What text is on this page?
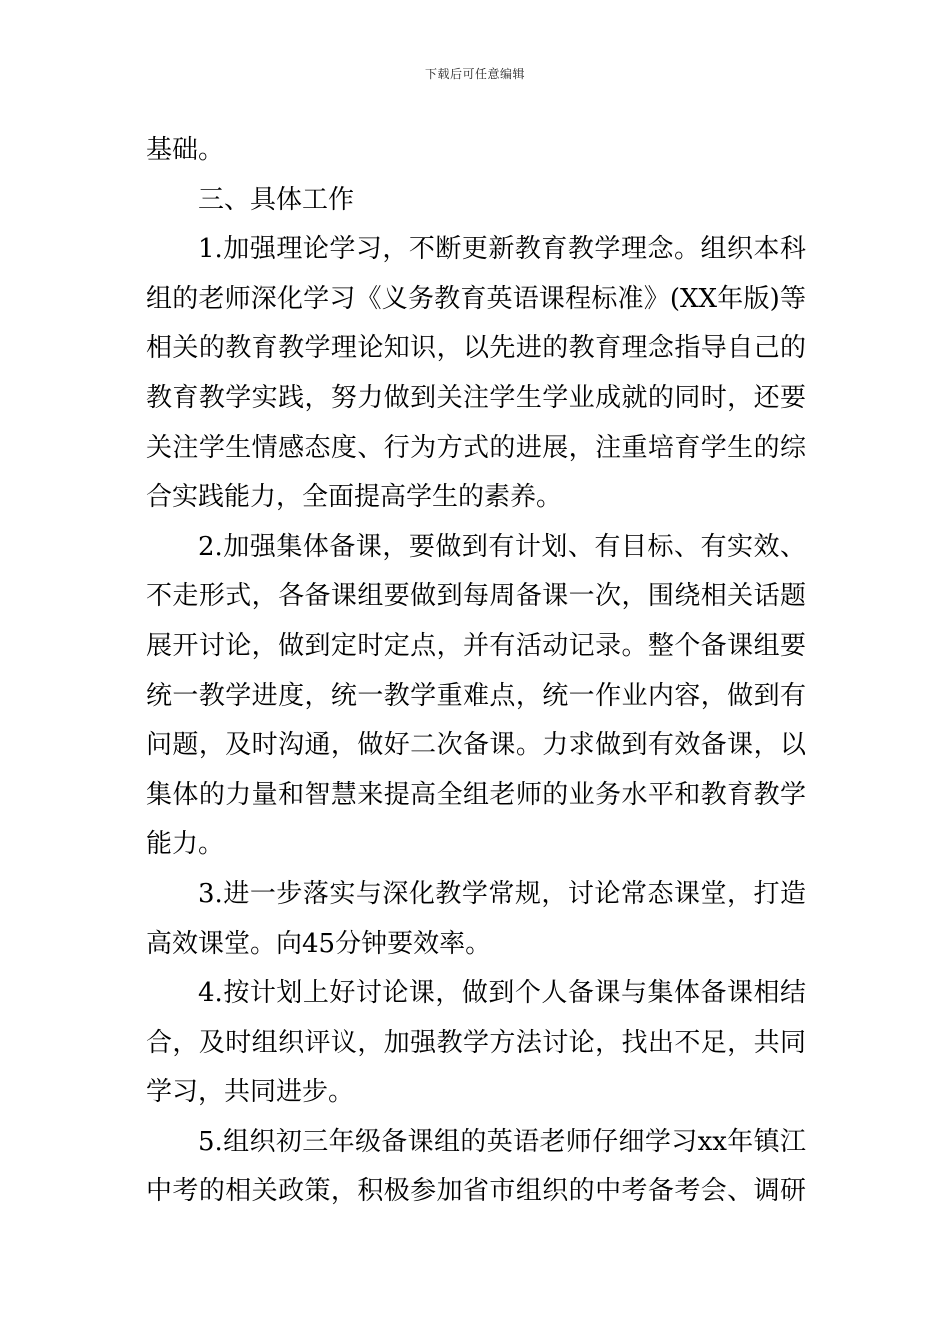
下载后可任意编辑
基础。
三、具体工作
1.加强理论学习，不断更新教育教学理念。组织本科
组的老师深化学习《义务教育英语课程标准》(XX年版)等
相关的教育教学理论知识，以先进的教育理念指导自己的
教育教学实践，努力做到关注学生学业成就的同时，还要
关注学生情感态度、行为方式的进展，注重培育学生的综
合实践能力，全面提高学生的素养。
2.加强集体备课，要做到有计划、有目标、有实效、
不走形式，各备课组要做到每周备课一次，围绕相关话题
展开讨论，做到定时定点，并有活动记录。整个备课组要
统一教学进度，统一教学重难点，统一作业内容，做到有
问题，及时沟通，做好二次备课。力求做到有效备课，以
集体的力量和智慧来提高全组老师的业务水平和教育教学
能力。
3.进一步落实与深化教学常规，讨论常态课堂，打造
高效课堂。向45分钟要效率。
4.按计划上好讨论课，做到个人备课与集体备课相结
合，及时组织评议，加强教学方法讨论，找出不足，共同
学习，共同进步。
5.组织初三年级备课组的英语老师仔细学习xx年镇江
中考的相关政策，积极参加省市组织的中考备考会、调研
